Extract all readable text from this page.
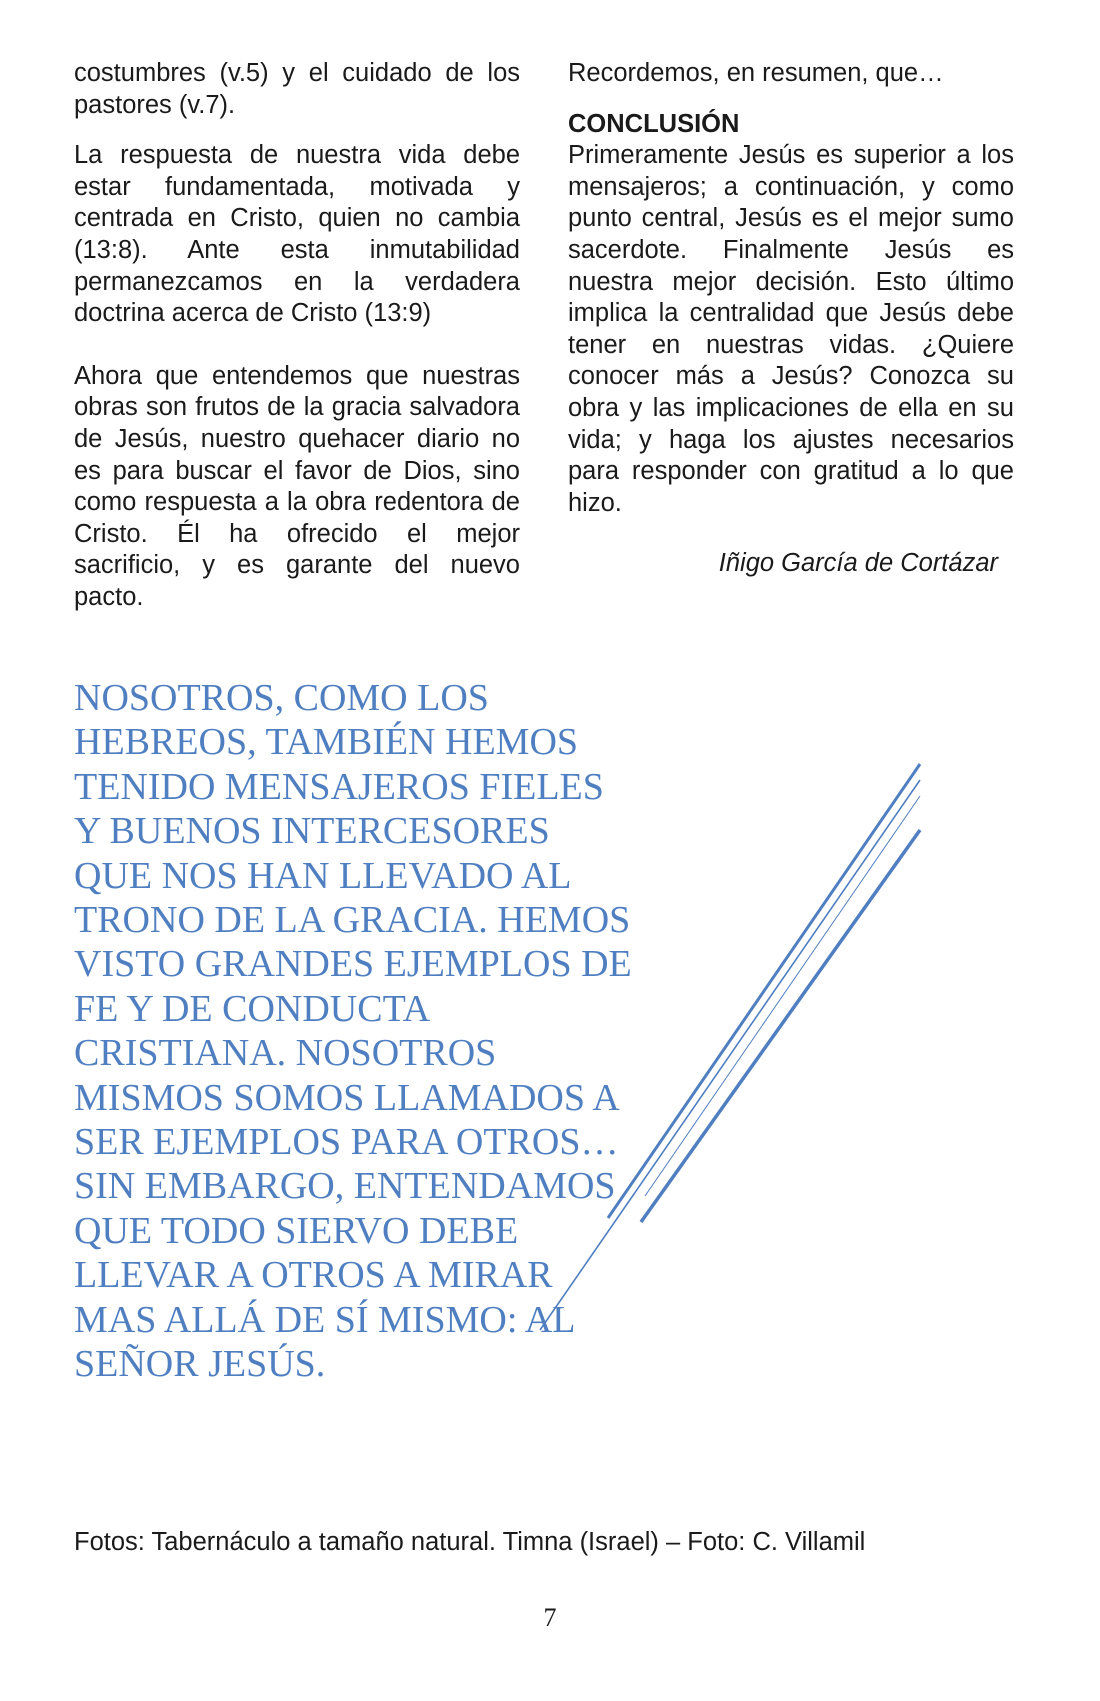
costumbres (v.5) y el cuidado de los pastores (v.7).

La respuesta de nuestra vida debe estar fundamentada, motivada y centrada en Cristo, quien no cambia (13:8). Ante esta inmutabilidad permanezcamos en la verdadera doctrina acerca de Cristo (13:9)

Ahora que entendemos que nuestras obras son frutos de la gracia salvadora de Jesús, nuestro quehacer diario no es para buscar el favor de Dios, sino como respuesta a la obra redentora de Cristo. Él ha ofrecido el mejor sacrificio, y es garante del nuevo pacto.

Recordemos, en resumen, que…

CONCLUSIÓN

Primeramente Jesús es superior a los mensajeros; a continuación, y como punto central, Jesús es el mejor sumo sacerdote. Finalmente Jesús es nuestra mejor decisión. Esto último implica la centralidad que Jesús debe tener en nuestras vidas. ¿Quiere conocer más a Jesús? Conozca su obra y las implicaciones de ella en su vida; y haga los ajustes necesarios para responder con gratitud a lo que hizo.

Iñigo García de Cortázar

NOSOTROS, COMO LOS HEBREOS, TAMBIÉN HEMOS TENIDO MENSAJEROS FIELES Y BUENOS INTERCESORES QUE NOS HAN LLEVADO AL TRONO DE LA GRACIA. HEMOS VISTO GRANDES EJEMPLOS DE FE Y DE CONDUCTA CRISTIANA. NOSOTROS MISMOS SOMOS LLAMADOS A SER EJEMPLOS PARA OTROS… SIN EMBARGO, ENTENDAMOS QUE TODO SIERVO DEBE LLEVAR A OTROS A MIRAR MAS ALLÁ DE SÍ MISMO: AL SEÑOR JESÚS.

Fotos: Tabernáculo a tamaño natural. Timna (Israel) – Foto: C. Villamil

7
